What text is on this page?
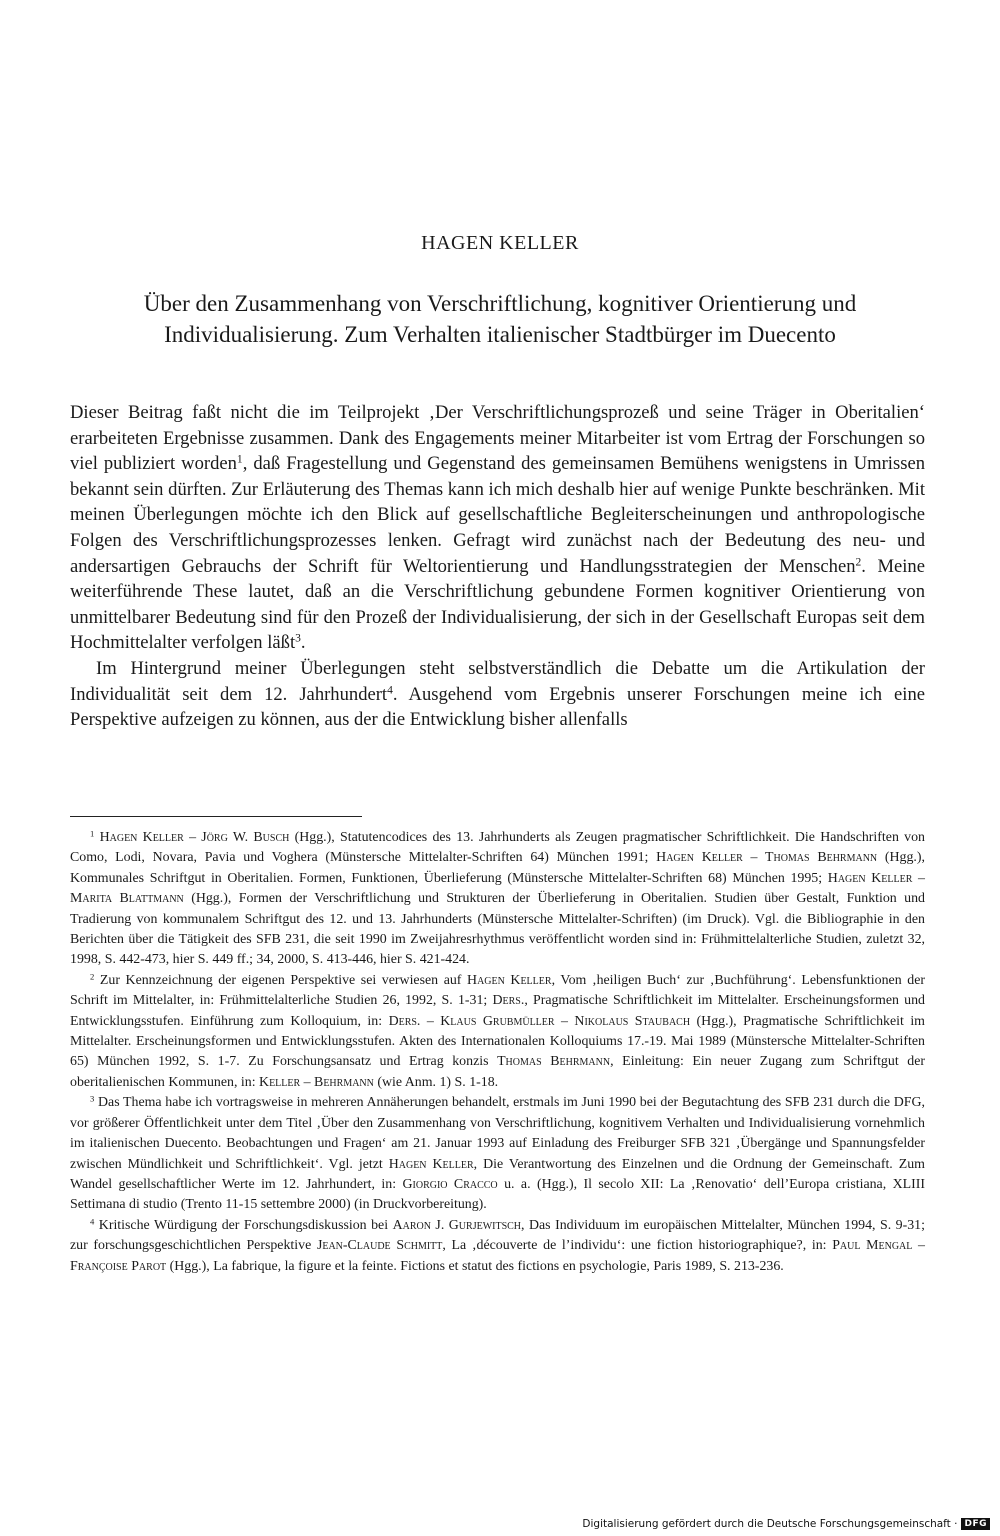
HAGEN KELLER
Über den Zusammenhang von Verschriftlichung, kognitiver Orientierung und
Individualisierung. Zum Verhalten italienischer Stadtbürger im Duecento

Dieser Beitrag faßt nicht die im Teilprojekt ‚Der Verschriftlichungsprozeß und seine Träger in Oberitalien‘ erarbeiteten Ergebnisse zusammen. Dank des Engagements meiner Mitarbeiter ist vom Ertrag der Forschungen so viel publiziert worden$^1$, daß Fragestellung und Gegenstand des gemeinsamen Bemühens wenigstens in Umrissen bekannt sein dürften. Zur Erläuterung des Themas kann ich mich deshalb hier auf wenige Punkte beschränken. Mit meinen Überlegungen möchte ich den Blick auf gesellschaftliche Begleiterscheinungen und anthropologische Folgen des Verschriftlichungsprozesses lenken. Gefragt wird zunächst nach der Bedeutung des neu- und andersartigen Gebrauchs der Schrift für Weltorientierung und Handlungsstrategien der Menschen$^2$. Meine weiterführende These lautet, daß an die Verschriftlichung gebundene Formen kognitiver Orientierung von unmittelbarer Bedeutung sind für den Prozeß der Individualisierung, der sich in der Gesellschaft Europas seit dem Hochmittelalter verfolgen läßt$^3$.

Im Hintergrund meiner Überlegungen steht selbstverständlich die Debatte um die Artikulation der Individualität seit dem 12. Jahrhundert$^4$. Ausgehend vom Ergebnis unserer Forschungen meine ich eine Perspektive aufzeigen zu können, aus der die Entwicklung bisher allenfalls

$^1$ Hagen Keller – Jörg W. Busch (Hgg.), Statutencodices des 13. Jahrhunderts als Zeugen pragmatischer Schriftlichkeit. Die Handschriften von Como, Lodi, Novara, Pavia und Voghera (Münstersche Mittelalter-Schriften 64) München 1991; Hagen Keller – Thomas Behrmann (Hgg.), Kommunales Schriftgut in Oberitalien. Formen, Funktionen, Überlieferung (Münstersche Mittelalter-Schriften 68) München 1995; Hagen Keller – Marita Blattmann (Hgg.), Formen der Verschriftlichung und Strukturen der Überlieferung in Oberitalien. Studien über Gestalt, Funktion und Tradierung von kommunalem Schriftgut des 12. und 13. Jahrhunderts (Münstersche Mittelalter-Schriften) (im Druck). Vgl. die Bibliographie in den Berichten über die Tätigkeit des SFB 231, die seit 1990 im Zweijahresrhythmus veröffentlicht worden sind in: Frühmittelalterliche Studien, zuletzt 32, 1998, S. 442-473, hier S. 449 ff.; 34, 2000, S. 413-446, hier S. 421-424.

$^2$ Zur Kennzeichnung der eigenen Perspektive sei verwiesen auf Hagen Keller, Vom ‚heiligen Buch‘ zur ‚Buchführung‘. Lebensfunktionen der Schrift im Mittelalter, in: Frühmittelalterliche Studien 26, 1992, S. 1-31; Ders., Pragmatische Schriftlichkeit im Mittelalter. Erscheinungsformen und Entwicklungsstufen. Einführung zum Kolloquium, in: Ders. – Klaus Grubmüller – Nikolaus Staubach (Hgg.), Pragmatische Schriftlichkeit im Mittelalter. Erscheinungsformen und Entwicklungsstufen. Akten des Internationalen Kolloquiums 17.-19. Mai 1989 (Münstersche Mittelalter-Schriften 65) München 1992, S. 1-7. Zu Forschungsansatz und Ertrag konzis Thomas Behrmann, Einleitung: Ein neuer Zugang zum Schriftgut der oberitalienischen Kommunen, in: Keller – Behrmann (wie Anm. 1) S. 1-18.

$^3$ Das Thema habe ich vortragsweise in mehreren Annäherungen behandelt, erstmals im Juni 1990 bei der Begutachtung des SFB 231 durch die DFG, vor größerer Öffentlichkeit unter dem Titel ‚Über den Zusammenhang von Verschriftlichung, kognitivem Verhalten und Individualisierung vornehmlich im italienischen Duecento. Beobachtungen und Fragen‘ am 21. Januar 1993 auf Einladung des Freiburger SFB 321 ‚Übergänge und Spannungsfelder zwischen Mündlichkeit und Schriftlichkeit‘. Vgl. jetzt Hagen Keller, Die Verantwortung des Einzelnen und die Ordnung der Gemeinschaft. Zum Wandel gesellschaftlicher Werte im 12. Jahrhundert, in: Giorgio Cracco u. a. (Hgg.), Il secolo XII: La ‚Renovatio‘ dell’Europa cristiana, XLIII Settimana di studio (Trento 11-15 settembre 2000) (in Druckvorbereitung).

$^4$ Kritische Würdigung der Forschungsdiskussion bei Aaron J. Gurjewitsch, Das Individuum im europäischen Mittelalter, München 1994, S. 9-31; zur forschungsgeschichtlichen Perspektive Jean-Claude Schmitt, La ‚découverte de l’individu‘: une fiction historiographique?, in: Paul Mengal – Françoise Parot (Hgg.), La fabrique, la figure et la feinte. Fictions et statut des fictions en psychologie, Paris 1989, S. 213-236.

Digitalisierung gefördert durch die Deutsche Forschungsgemeinschaft · DFG
